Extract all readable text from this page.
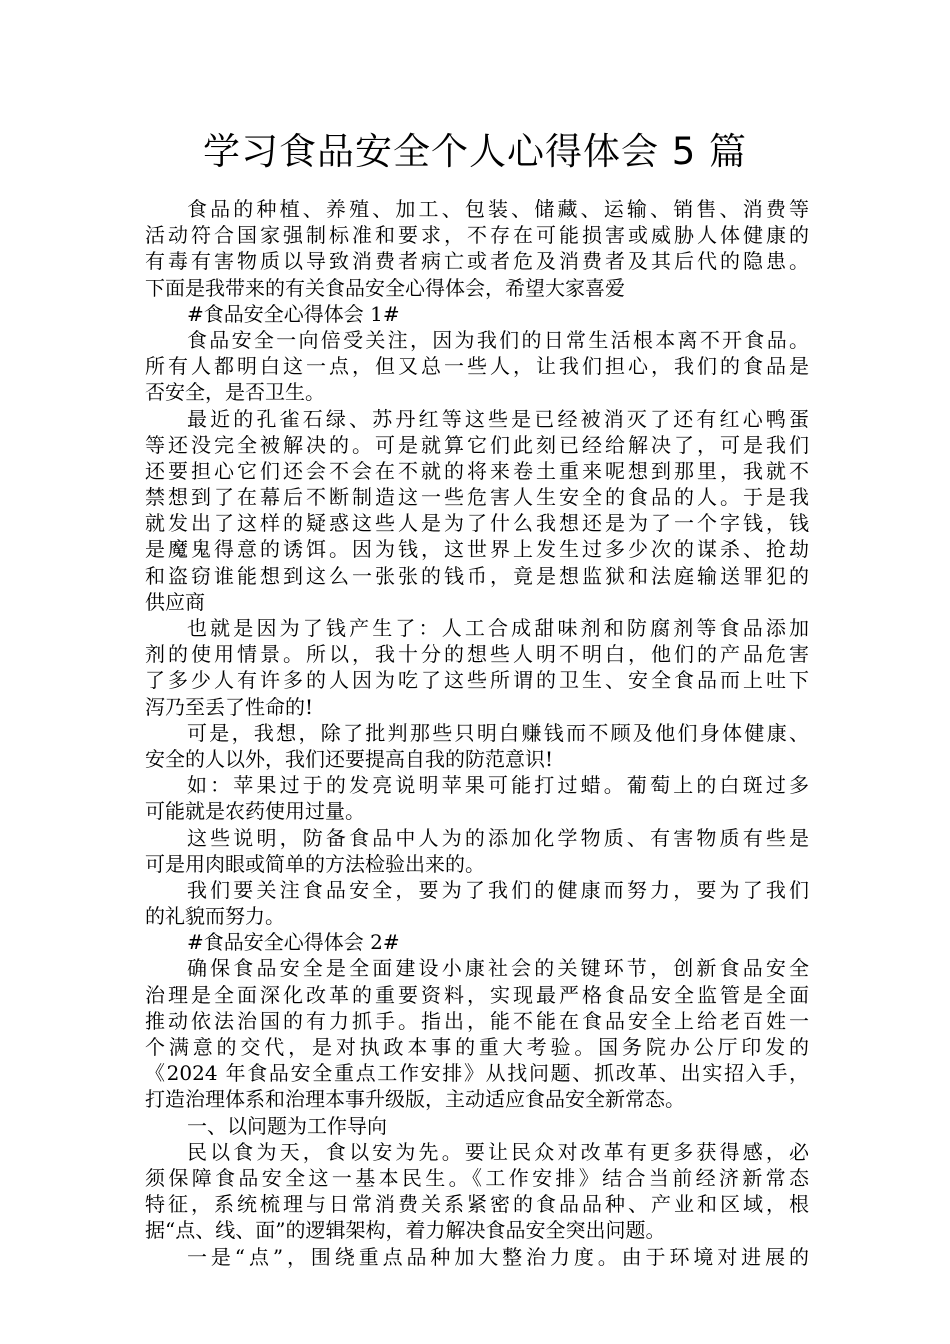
学习食品安全个人心得体会 5 篇
食品的种植、养殖、加工、包装、储藏、运输、销售、消费等
活动符合国家强制标准和要求，不存在可能损害或威胁人体健康的
有毒有害物质以导致消费者病亡或者危及消费者及其后代的隐患。
下面是我带来的有关食品安全心得体会，希望大家喜爱
#食品安全心得体会 1#
食品安全一向倍受关注，因为我们的日常生活根本离不开食品。
所有人都明白这一点，但又总一些人，让我们担心，我们的食品是
否安全，是否卫生。
最近的孔雀石绿、苏丹红等这些是已经被消灭了还有红心鸭蛋
等还没完全被解决的。可是就算它们此刻已经给解决了，可是我们
还要担心它们还会不会在不就的将来卷土重来呢想到那里，我就不
禁想到了在幕后不断制造这一些危害人生安全的食品的人。于是我
就发出了这样的疑惑这些人是为了什么我想还是为了一个字钱，钱
是魔鬼得意的诱饵。因为钱，这世界上发生过多少次的谋杀、抢劫
和盗窃谁能想到这么一张张的钱币，竟是想监狱和法庭输送罪犯的
供应商
也就是因为了钱产生了：人工合成甜味剂和防腐剂等食品添加
剂的使用情景。所以，我十分的想些人明不明白，他们的产品危害
了多少人有许多的人因为吃了这些所谓的卫生、安全食品而上吐下
泻乃至丢了性命的!
可是，我想，除了批判那些只明白赚钱而不顾及他们身体健康、
安全的人以外，我们还要提高自我的防范意识!
如：苹果过于的发亮说明苹果可能打过蜡。葡萄上的白斑过多
可能就是农药使用过量。
这些说明，防备食品中人为的添加化学物质、有害物质有些是
可是用肉眼或简单的方法检验出来的。
我们要关注食品安全，要为了我们的健康而努力，要为了我们
的礼貌而努力。
#食品安全心得体会 2#
确保食品安全是全面建设小康社会的关键环节，创新食品安全
治理是全面深化改革的重要资料，实现最严格食品安全监管是全面
推动依法治国的有力抓手。指出，能不能在食品安全上给老百姓一
个满意的交代，是对执政本事的重大考验。国务院办公厅印发的
《2024 年食品安全重点工作安排》从找问题、抓改革、出实招入手，
打造治理体系和治理本事升级版，主动适应食品安全新常态。
一、以问题为工作导向
民以食为天，食以安为先。要让民众对改革有更多获得感，必
须保障食品安全这一基本民生。《工作安排》结合当前经济新常态
特征，系统梳理与日常消费关系紧密的食品品种、产业和区域，根
据“点、线、面”的逻辑架构，着力解决食品安全突出问题。
一是“点”，围绕重点品种加大整治力度。由于环境对进展的
